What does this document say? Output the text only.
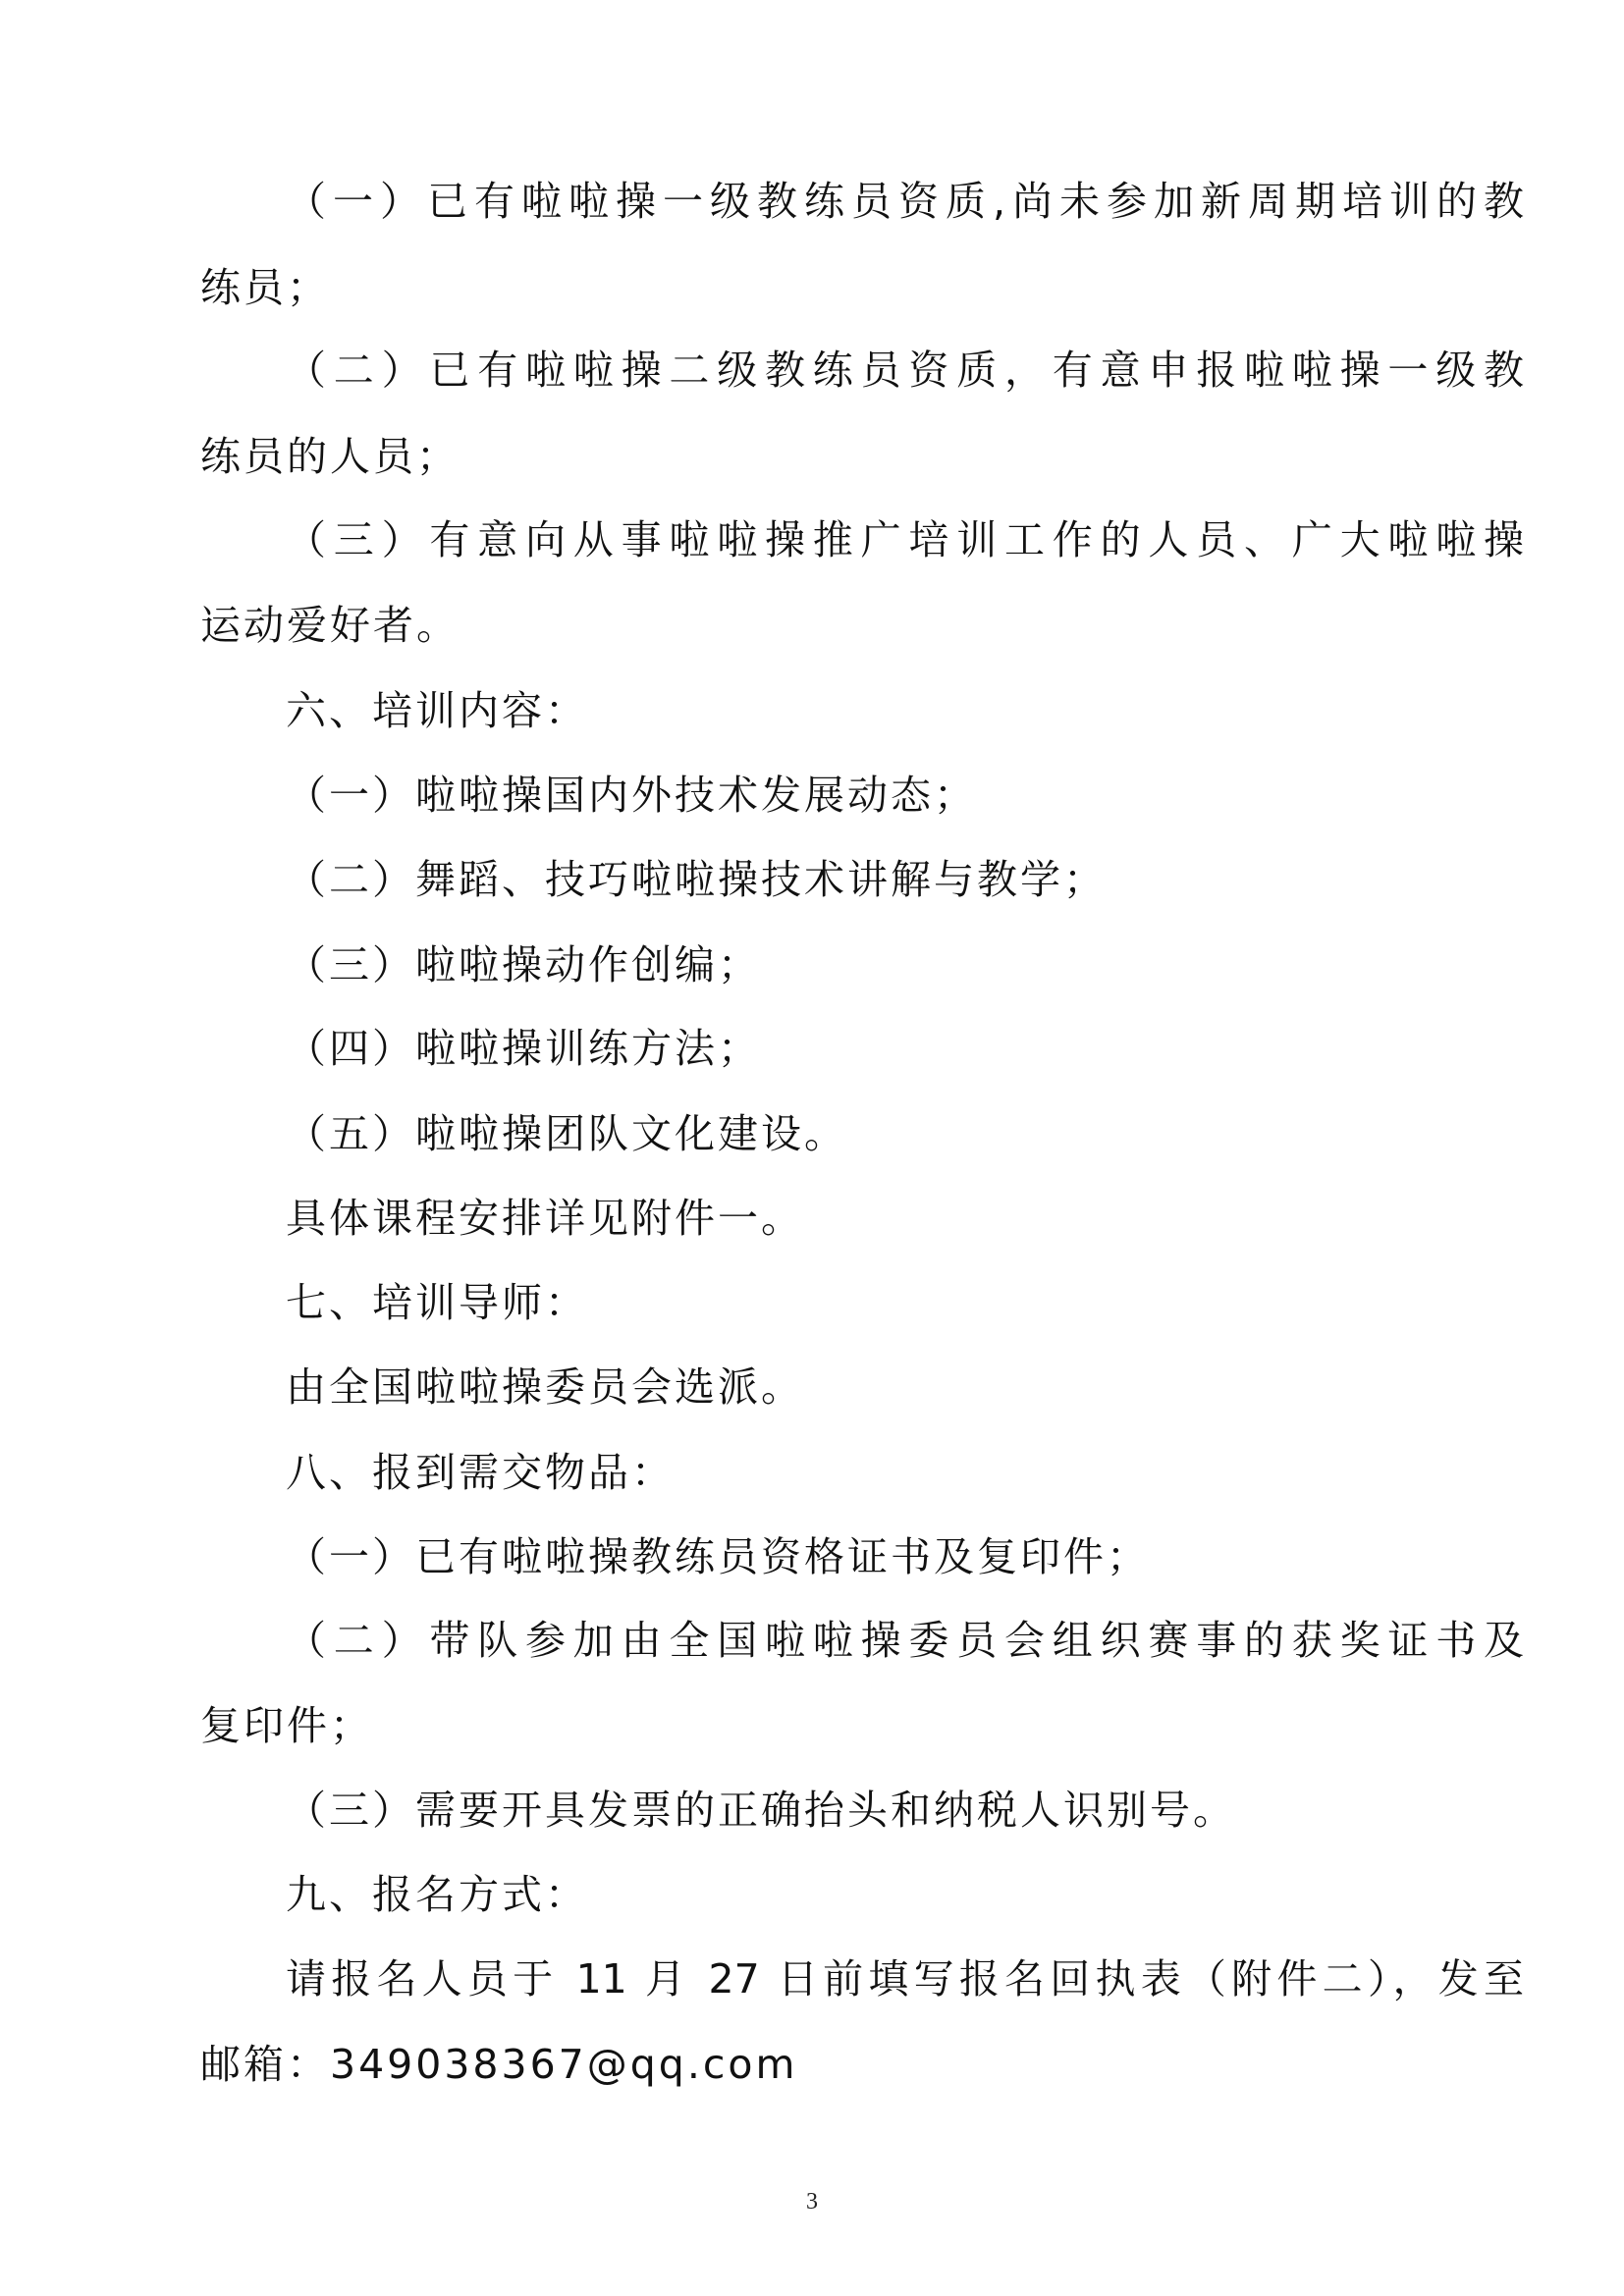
（一）已有啦啦操一级教练员资质,尚未参加新周期培训的教
练员；
（二）已有啦啦操二级教练员资质，有意申报啦啦操一级教
练员的人员；
（三）有意向从事啦啦操推广培训工作的人员、广大啦啦操
运动爱好者。
六、培训内容：
（一）啦啦操国内外技术发展动态；
（二）舞蹈、技巧啦啦操技术讲解与教学；
（三）啦啦操动作创编；
（四）啦啦操训练方法；
（五）啦啦操团队文化建设。
具体课程安排详见附件一。
七、培训导师：
由全国啦啦操委员会选派。
八、报到需交物品：
（一）已有啦啦操教练员资格证书及复印件；
（二）带队参加由全国啦啦操委员会组织赛事的获奖证书及
复印件；
（三）需要开具发票的正确抬头和纳税人识别号。
九、报名方式：
请报名人员于 11 月 27 日前填写报名回执表（附件二），发至
邮箱：349038367@qq.com
3
